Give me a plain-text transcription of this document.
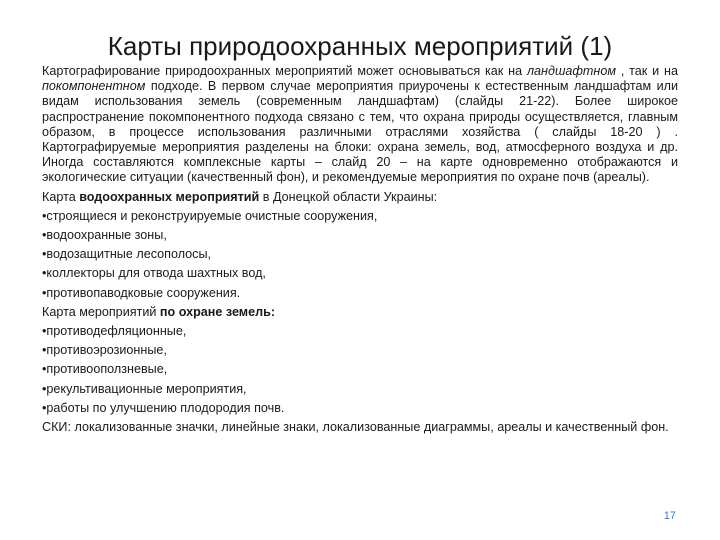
Карты природоохранных мероприятий (1)

Картографирование природоохранных мероприятий может основываться как на ландшафтном , так и на покомпонентном подходе. В первом случае мероприятия приурочены к естественным ландшафтам или видам использования земель (современным ландшафтам) (слайды 21-22). Более широкое распространение покомпонентного подхода связано с тем, что охрана природы осуществляется, главным образом, в процессе использования различными отраслями хозяйства ( слайды 18-20 ) . Картографируемые мероприятия разделены на блоки: охрана земель, вод, атмосферного воздуха и др. Иногда составляются комплексные карты – слайд 20 – на карте одновременно отображаются и экологические ситуации (качественный фон), и рекомендуемые мероприятия по охране почв (ареалы).

Карта водоохранных мероприятий в Донецкой области Украины:

•строящиеся и реконструируемые очистные сооружения,

•водоохранные зоны,

•водозащитные лесополосы,

•коллекторы для отвода шахтных вод,

•противопаводковые сооружения.

Карта мероприятий по охране земель:

•противодефляционные,

•противоэрозионные,

•противооползневые,

•рекультивационные мероприятия,

•работы по улучшению плодородия почв.

СКИ: локализованные значки, линейные знаки, локализованные диаграммы, ареалы и качественный фон.

17
